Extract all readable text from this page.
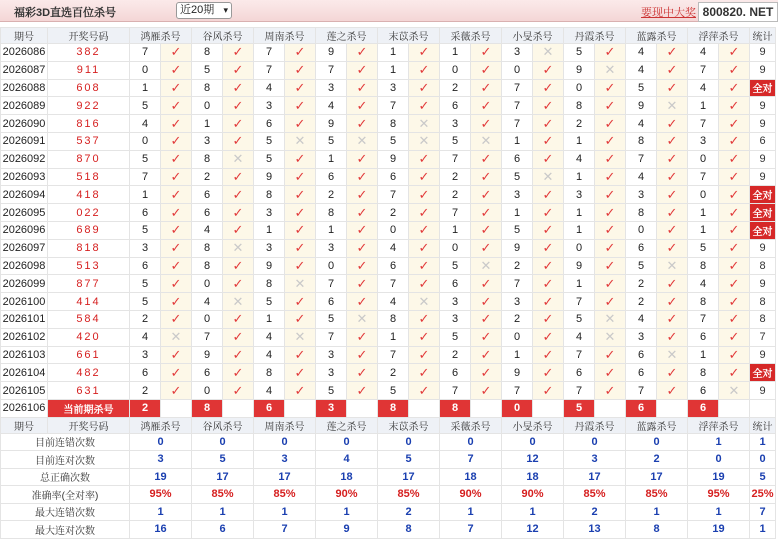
福彩3D直选百位杀号	近20期 ▾	要现中大奖 800820. NET
期号	开奖号码	鸿雁杀号		谷风杀号		周南杀号		莲之杀号		末苡杀号		采薇杀号		小旻杀号		丹霞杀号		蓝露杀号		浮萍杀号		统计
2026086	382	7	✓	8	✓	7	✓	9	✓	1	✓	1	✓	3	✕	5	✓	4	✓	4	✓	9
2026087	911	0	✓	5	✓	7	✓	7	✓	1	✓	0	✓	0	✓	9	✕	4	✓	7	✓	9
2026088	608	1	✓	8	✓	4	✓	3	✓	3	✓	2	✓	7	✓	0	✓	5	✓	4	✓	全对
2026089	922	5	✓	0	✓	3	✓	4	✓	7	✓	6	✓	7	✓	8	✓	9	✕	1	✓	9
2026090	816	4	✓	1	✓	6	✓	9	✓	8	✕	3	✓	7	✓	2	✓	4	✓	7	✓	9
2026091	537	0	✓	3	✓	5	✕	5	✕	5	✕	5	✕	1	✓	1	✓	8	✓	3	✓	6
2026092	870	5	✓	8	✕	5	✓	1	✓	9	✓	7	✓	6	✓	4	✓	7	✓	0	✓	9
2026093	518	7	✓	2	✓	9	✓	6	✓	6	✓	2	✓	5	✕	1	✓	4	✓	7	✓	9
2026094	418	1	✓	6	✓	8	✓	2	✓	7	✓	2	✓	3	✓	3	✓	3	✓	0	✓	全对
2026095	022	6	✓	6	✓	3	✓	8	✓	2	✓	7	✓	1	✓	1	✓	8	✓	1	✓	全对
2026096	689	5	✓	4	✓	1	✓	1	✓	0	✓	1	✓	5	✓	1	✓	0	✓	1	✓	全对
2026097	818	3	✓	8	✕	3	✓	3	✓	4	✓	0	✓	9	✓	0	✓	6	✓	5	✓	9
2026098	513	6	✓	8	✓	9	✓	0	✓	6	✓	5	✕	2	✓	9	✓	5	✕	8	✓	8
2026099	877	5	✓	0	✓	8	✕	7	✓	7	✓	6	✓	7	✓	1	✓	2	✓	4	✓	9
2026100	414	5	✓	4	✕	5	✓	6	✓	4	✕	3	✓	3	✓	7	✓	2	✓	8	✓	8
2026101	584	2	✓	0	✓	1	✓	5	✕	8	✓	3	✓	2	✓	5	✕	4	✓	7	✓	8
2026102	420	4	✕	7	✓	4	✕	7	✓	1	✓	5	✓	0	✓	4	✕	3	✓	6	✓	7
2026103	661	3	✓	9	✓	4	✓	3	✓	7	✓	2	✓	1	✓	7	✓	6	✕	1	✓	9
2026104	482	6	✓	6	✓	8	✓	3	✓	2	✓	6	✓	9	✓	6	✓	6	✓	8	✓	全对
2026105	631	2	✓	0	✓	4	✓	5	✓	5	✓	7	✓	7	✓	7	✓	7	✓	6	✕	9
2026106	当前期杀号	2		8		6		3		8		8		0		5		6		6		
期号	开奖号码	鸿雁杀号		谷风杀号		周南杀号		莲之杀号		末苡杀号		采薇杀号		小旻杀号		丹霞杀号		蓝露杀号		浮萍杀号		统计
目前连错次数		0		0		0		0		0		0		0		0		0		1		1
目前连对次数		3		5		3		4		5		7		12		3		2		0		0
总正确次数		19		17		17		18		17		18		18		17		17		19		5
准确率(全对率)		95%		85%		85%		90%		85%		90%		90%		85%		85%		95%		25%
最大连错次数		1		1		1		1		2		1		1		2		1		1		7
最大连对次数		16		6		7		9		8		7		12		13		8		19		1
